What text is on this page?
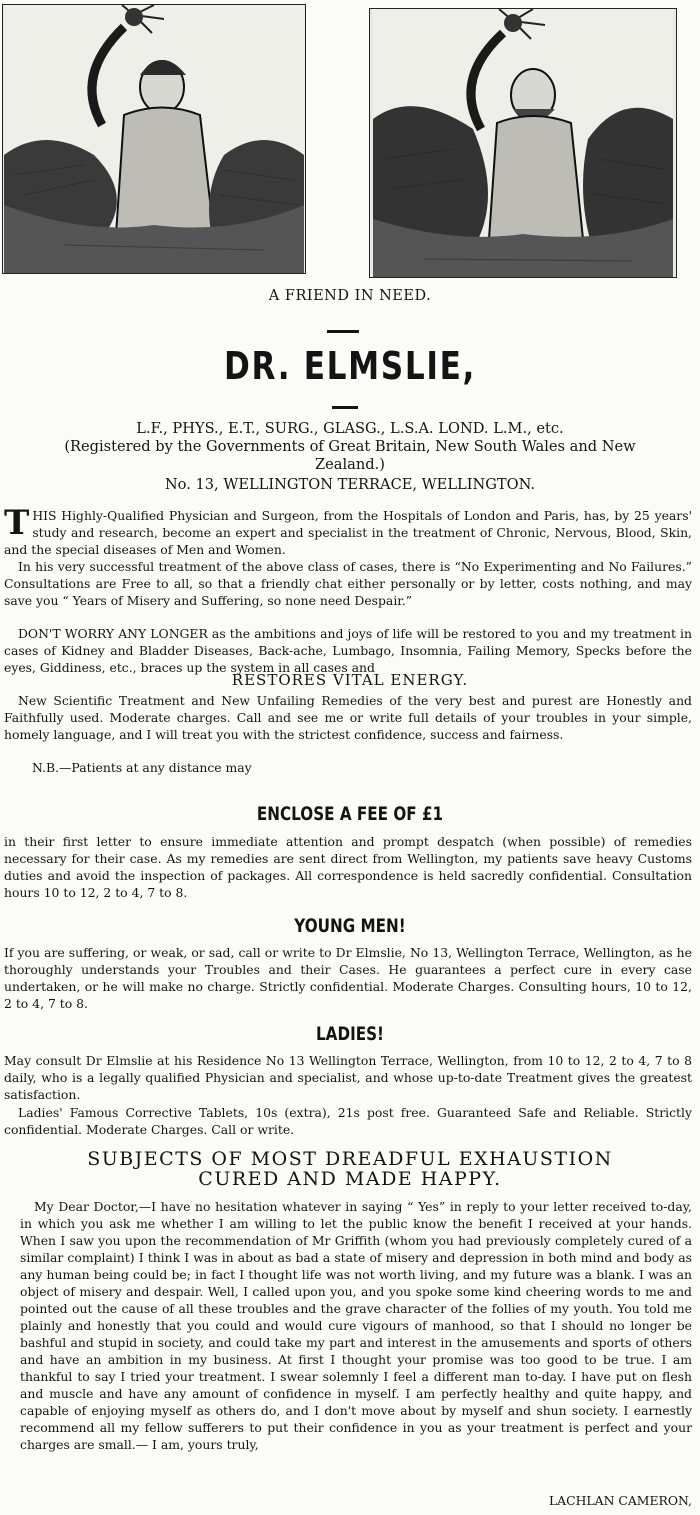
A FRIEND IN NEED.

DR. ELMSLIE,

L.F., PHYS., E.T., SURG., GLASG., L.S.A. LOND. L.M., etc.

(Registered by the Governments of Great Britain, New South Wales and New Zealand.)

No. 13, WELLINGTON TERRACE, WELLINGTON.

THIS Highly-Qualified Physician and Surgeon, from the Hospitals of London and Paris, has, by 25 years' study and research, become an expert and specialist in the treatment of Chronic, Nervous, Blood, Skin, and the special diseases of Men and Women.

In his very successful treatment of the above class of cases, there is “No Experimenting and No Failures.” Consultations are Free to all, so that a friendly chat either personally or by letter, costs nothing, and may save you “ Years of Misery and Suffering, so none need Despair.”

DON'T WORRY ANY LONGER as the ambitions and joys of life will be restored to you and my treatment in cases of Kidney and Bladder Diseases, Back-ache, Lumbago, Insomnia, Failing Memory, Specks before the eyes, Giddiness, etc., braces up the system in all cases and

RESTORES VITAL ENERGY.

New Scientific Treatment and New Unfailing Remedies of the very best and purest are Honestly and Faithfully used. Moderate charges. Call and see me or write full details of your troubles in your simple, homely language, and I will treat you with the strictest confidence, success and fairness.

N.B.—Patients at any distance may

ENCLOSE A FEE OF £1

in their first letter to ensure immediate attention and prompt despatch (when possible) of remedies necessary for their case. As my remedies are sent direct from Wellington, my patients save heavy Customs duties and avoid the inspection of packages. All correspondence is held sacredly confidential. Consultation hours 10 to 12, 2 to 4, 7 to 8.

YOUNG MEN!

If you are suffering, or weak, or sad, call or write to Dr Elmslie, No 13, Wellington Terrace, Wellington, as he thoroughly understands your Troubles and their Cases. He guarantees a perfect cure in every case undertaken, or he will make no charge. Strictly confidential. Moderate Charges. Consulting hours, 10 to 12, 2 to 4, 7 to 8.

LADIES!

May consult Dr Elmslie at his Residence No 13 Wellington Terrace, Wellington, from 10 to 12, 2 to 4, 7 to 8 daily, who is a legally qualified Physician and specialist, and whose up-to-date Treatment gives the greatest satisfaction.

Ladies' Famous Corrective Tablets, 10s (extra), 21s post free. Guaranteed Safe and Reliable. Strictly confidential. Moderate Charges. Call or write.

SUBJECTS OF MOST DREADFUL EXHAUSTION

CURED AND MADE HAPPY.

My Dear Doctor,—I have no hesitation whatever in saying “ Yes” in reply to your letter received to-day, in which you ask me whether I am willing to let the public know the benefit I received at your hands. When I saw you upon the recommendation of Mr Griffith (whom you had previously completely cured of a similar complaint) I think I was in about as bad a state of misery and depression in both mind and body as any human being could be; in fact I thought life was not worth living, and my future was a blank. I was an object of misery and despair. Well, I called upon you, and you spoke some kind cheering words to me and pointed out the cause of all these troubles and the grave character of the follies of my youth. You told me plainly and honestly that you could and would cure vigours of manhood, so that I should no longer be bashful and stupid in society, and could take my part and interest in the amusements and sports of others and have an ambition in my business. At first I thought your promise was too good to be true. I am thankful to say I tried your treatment. I swear solemnly I feel a different man to-day. I have put on flesh and muscle and have any amount of confidence in myself. I am perfectly healthy and quite happy, and capable of enjoying myself as others do, and I don't move about by myself and shun society. I earnestly recommend all my fellow sufferers to put their confidence in you as your treatment is perfect and your charges are small.— I am, yours truly,

LACHLAN CAMERON,
